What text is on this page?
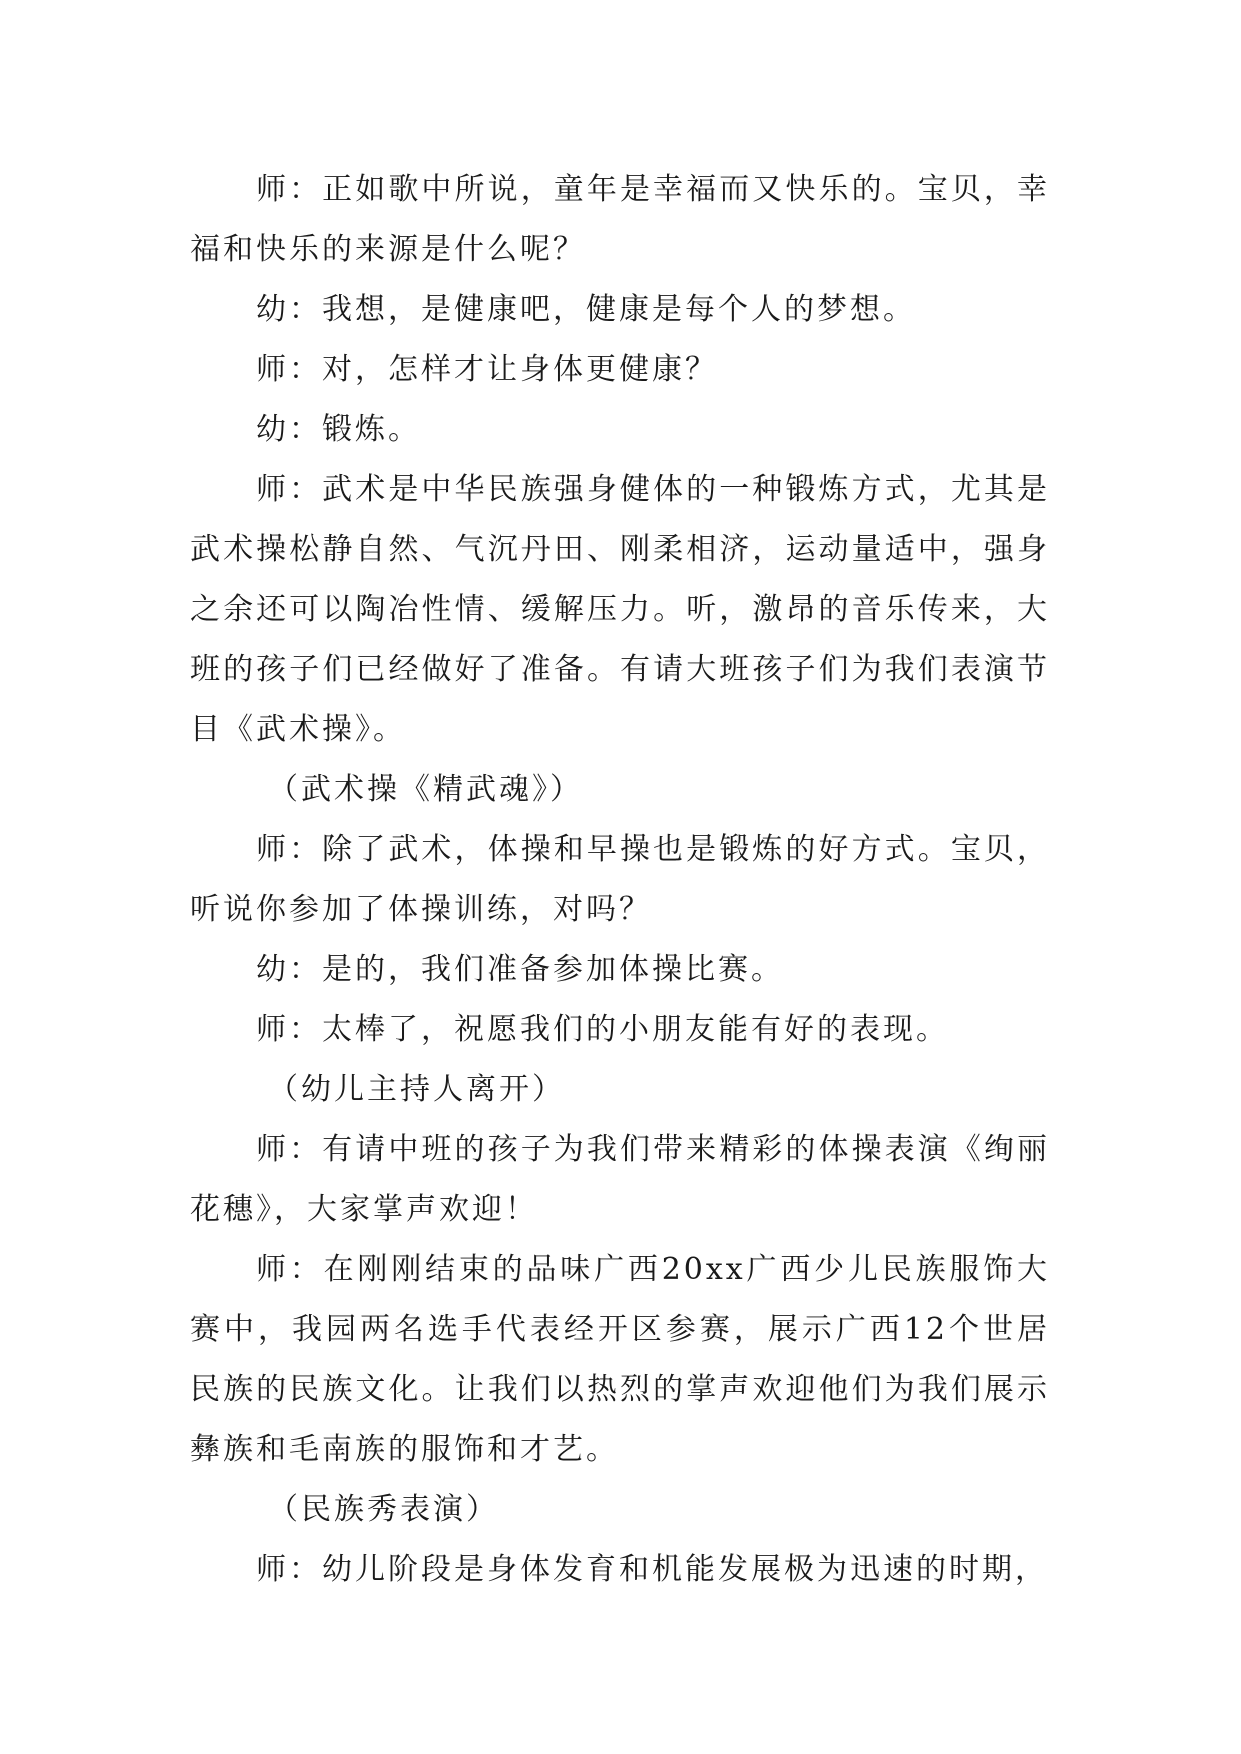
师：正如歌中所说，童年是幸福而又快乐的。宝贝，幸福和快乐的来源是什么呢？

幼：我想，是健康吧，健康是每个人的梦想。

师：对，怎样才让身体更健康？

幼：锻炼。

师：武术是中华民族强身健体的一种锻炼方式，尤其是武术操松静自然、气沉丹田、刚柔相济，运动量适中，强身之余还可以陶冶性情、缓解压力。听，激昂的音乐传来，大班的孩子们已经做好了准备。有请大班孩子们为我们表演节目《武术操》。

（武术操《精武魂》）

师：除了武术，体操和早操也是锻炼的好方式。宝贝，听说你参加了体操训练，对吗？

幼：是的，我们准备参加体操比赛。

师：太棒了，祝愿我们的小朋友能有好的表现。

（幼儿主持人离开）

师：有请中班的孩子为我们带来精彩的体操表演《绚丽花穗》，大家掌声欢迎！

师：在刚刚结束的品味广西20xx广西少儿民族服饰大赛中，我园两名选手代表经开区参赛，展示广西12个世居民族的民族文化。让我们以热烈的掌声欢迎他们为我们展示彝族和毛南族的服饰和才艺。

（民族秀表演）

师：幼儿阶段是身体发育和机能发展极为迅速的时期，
